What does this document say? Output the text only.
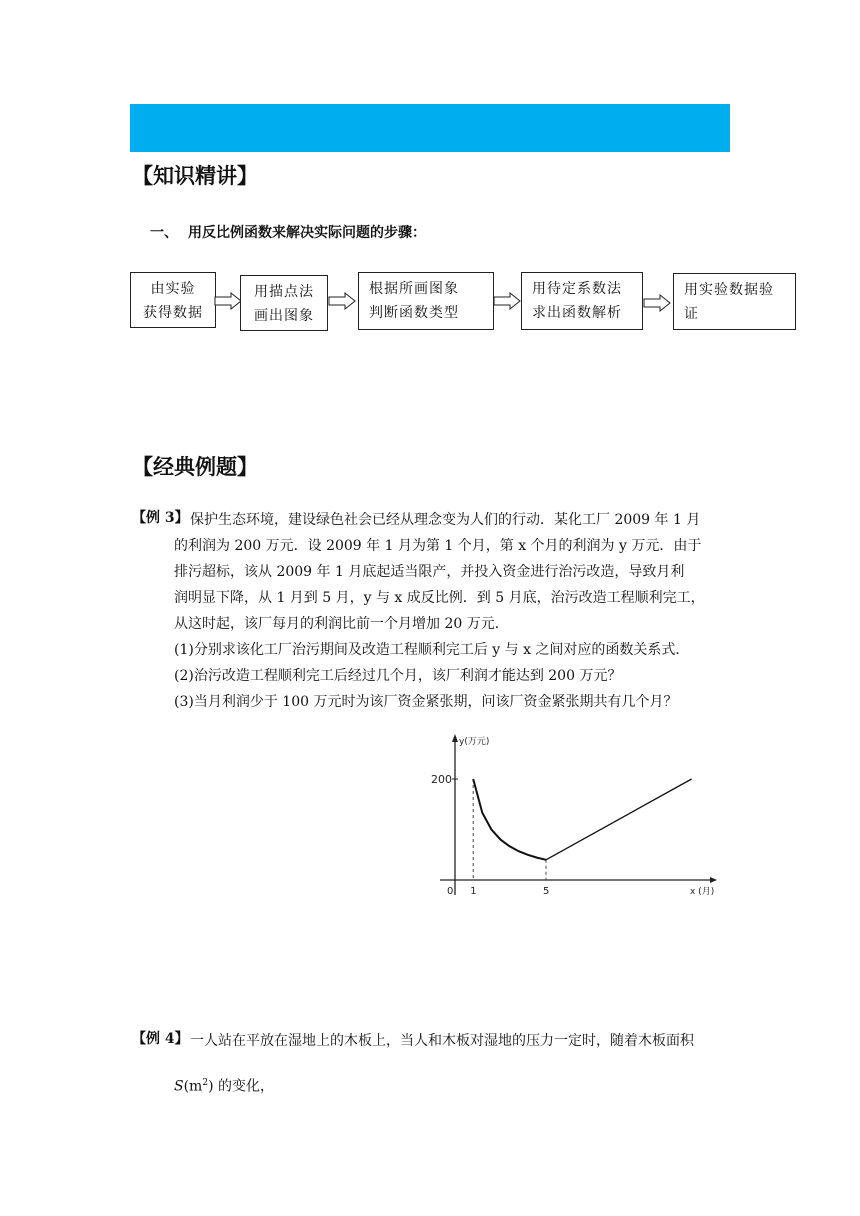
【知识精讲】
一、 用反比例函数来解决实际问题的步骤：
由实验
获得数据
用描点法
画出图象
根据所画图象
判断函数类型
用待定系数法
求出函数解析
用实验数据验
证
【经典例题】
【例 3】 保护生态环境，建设绿色社会已经从理念变为人们的行动．某化工厂 2009 年 1 月
的利润为 200 万元．设 2009 年 1 月为第 1 个月，第 x 个月的利润为 y 万元．由于
排污超标，该从 2009 年 1 月底起适当限产，并投入资金进行治污改造，导致月利
润明显下降，从 1 月到 5 月，y 与 x 成反比例．到 5 月底，治污改造工程顺利完工，
从这时起，该厂每月的利润比前一个月增加 20 万元．
(1)分别求该化工厂治污期间及改造工程顺利完工后 y 与 x 之间对应的函数关系式．
(2)治污改造工程顺利完工后经过几个月，该厂利润才能达到 200 万元？
(3)当月利润少于 100 万元时为该厂资金紧张期，问该厂资金紧张期共有几个月？
y(万元)
x (月)
200
0 1	5
【例 4】 一人站在平放在湿地上的木板上，当人和木板对湿地的压力一定时，随着木板面积
$S(m^2)$ 的变化，
